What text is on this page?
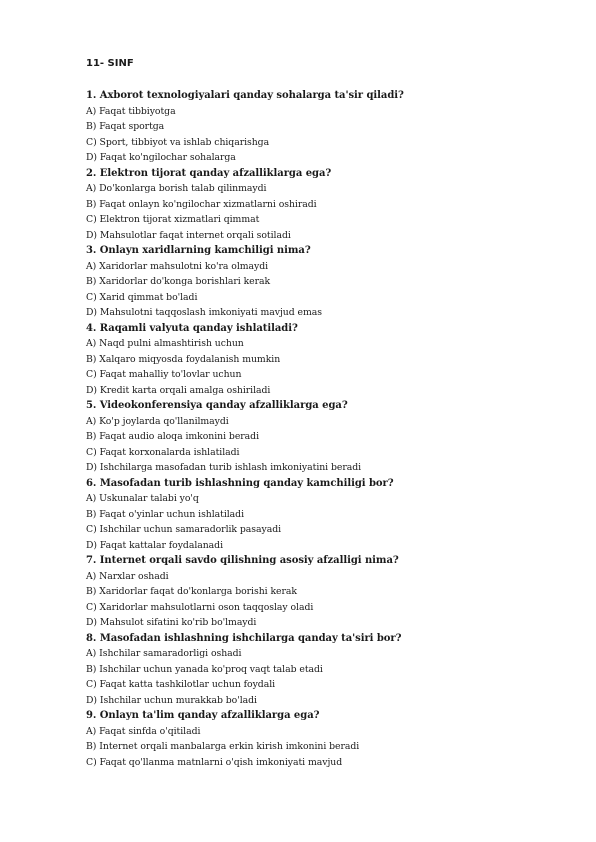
11- SINF
1. Axborot texnologiyalari qanday sohalarga ta'sir qiladi?
A) Faqat tibbiyotga
B) Faqat sportga
C) Sport, tibbiyot va ishlab chiqarishga
D) Faqat ko'ngilochar sohalarga
2. Elektron tijorat qanday afzalliklarga ega?
A) Do'konlarga borish talab qilinmaydi
B) Faqat onlayn ko'ngilochar xizmatlarni oshiradi
C) Elektron tijorat xizmatlari qimmat
D) Mahsulotlar faqat internet orqali sotiladi
3. Onlayn xaridlarning kamchiligi nima?
A) Xaridorlar mahsulotni ko'ra olmaydi
B) Xaridorlar do'konga borishlari kerak
C) Xarid qimmat bo'ladi
D) Mahsulotni taqqoslash imkoniyati mavjud emas
4. Raqamli valyuta qanday ishlatiladi?
A) Naqd pulni almashtirish uchun
B) Xalqaro miqyosda foydalanish mumkin
C) Faqat mahalliy to'lovlar uchun
D) Kredit karta orqali amalga oshiriladi
5. Videokonferensiya qanday afzalliklarga ega?
A) Ko'p joylarda qo'llanilmaydi
B) Faqat audio aloqa imkonini beradi
C) Faqat korxonalarda ishlatiladi
D) Ishchilarga masofadan turib ishlash imkoniyatini beradi
6. Masofadan turib ishlashning qanday kamchiligi bor?
A) Uskunalar talabi yo'q
B) Faqat o'yinlar uchun ishlatiladi
C) Ishchilar uchun samaradorlik pasayadi
D) Faqat kattalar foydalanadi
7. Internet orqali savdo qilishning asosiy afzalligi nima?
A) Narxlar oshadi
B) Xaridorlar faqat do'konlarga borishi kerak
C) Xaridorlar mahsulotlarni oson taqqoslay oladi
D) Mahsulot sifatini ko'rib bo'lmaydi
8. Masofadan ishlashning ishchilarga qanday ta'siri bor?
A) Ishchilar samaradorligi oshadi
B) Ishchilar uchun yanada ko'proq vaqt talab etadi
C) Faqat katta tashkilotlar uchun foydali
D) Ishchilar uchun murakkab bo'ladi
9. Onlayn ta'lim qanday afzalliklarga ega?
A) Faqat sinfda o'qitiladi
B) Internet orqali manbalarga erkin kirish imkonini beradi
C) Faqat qo'llanma matnlarni o'qish imkoniyati mavjud
